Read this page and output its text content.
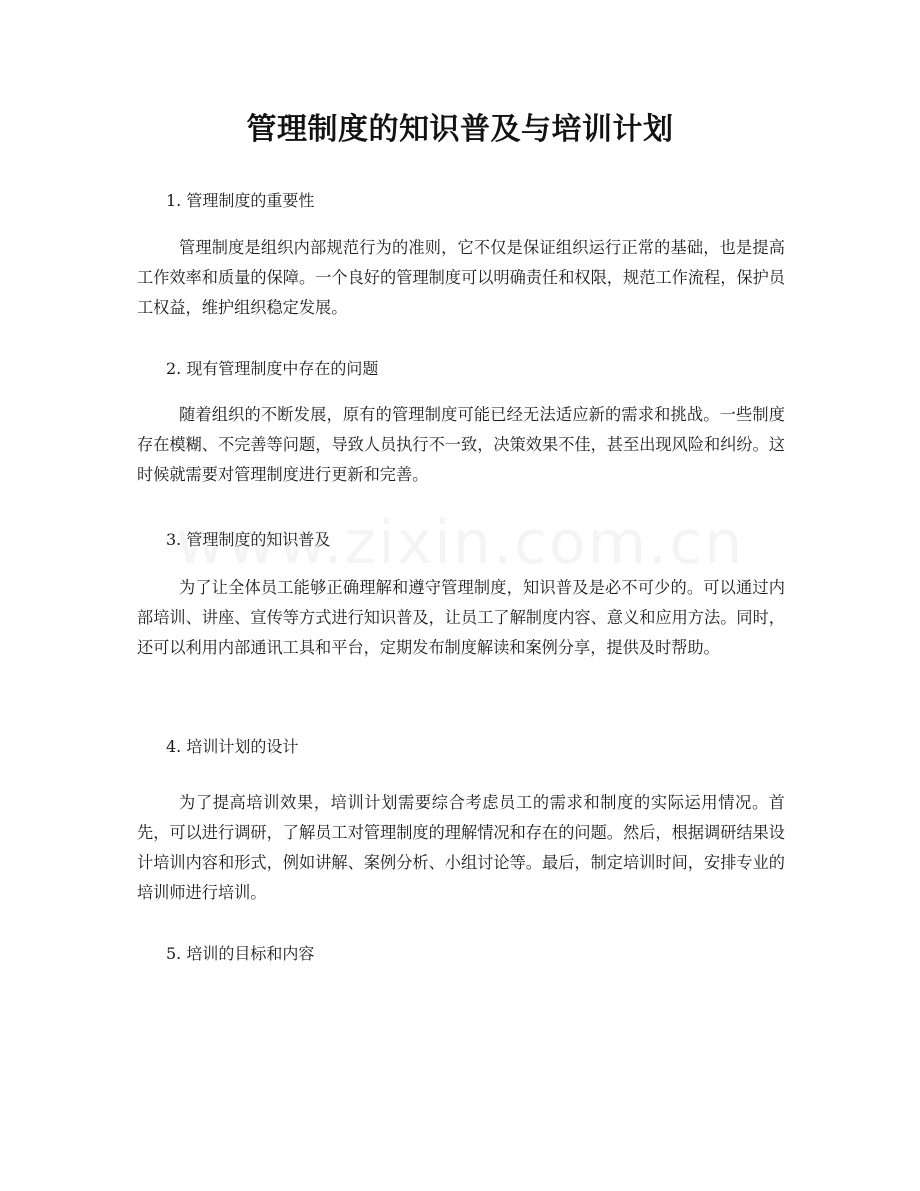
管理制度的知识普及与培训计划
1. 管理制度的重要性
管理制度是组织内部规范行为的准则，它不仅是保证组织运行正常的基础，也是提高工作效率和质量的保障。一个良好的管理制度可以明确责任和权限，规范工作流程，保护员工权益，维护组织稳定发展。
2. 现有管理制度中存在的问题
随着组织的不断发展，原有的管理制度可能已经无法适应新的需求和挑战。一些制度存在模糊、不完善等问题，导致人员执行不一致，决策效果不佳，甚至出现风险和纠纷。这时候就需要对管理制度进行更新和完善。
3. 管理制度的知识普及
为了让全体员工能够正确理解和遵守管理制度，知识普及是必不可少的。可以通过内部培训、讲座、宣传等方式进行知识普及，让员工了解制度内容、意义和应用方法。同时，还可以利用内部通讯工具和平台，定期发布制度解读和案例分享，提供及时帮助。
4. 培训计划的设计
为了提高培训效果，培训计划需要综合考虑员工的需求和制度的实际运用情况。首先，可以进行调研，了解员工对管理制度的理解情况和存在的问题。然后，根据调研结果设计培训内容和形式，例如讲解、案例分析、小组讨论等。最后，制定培训时间，安排专业的培训师进行培训。
5. 培训的目标和内容
